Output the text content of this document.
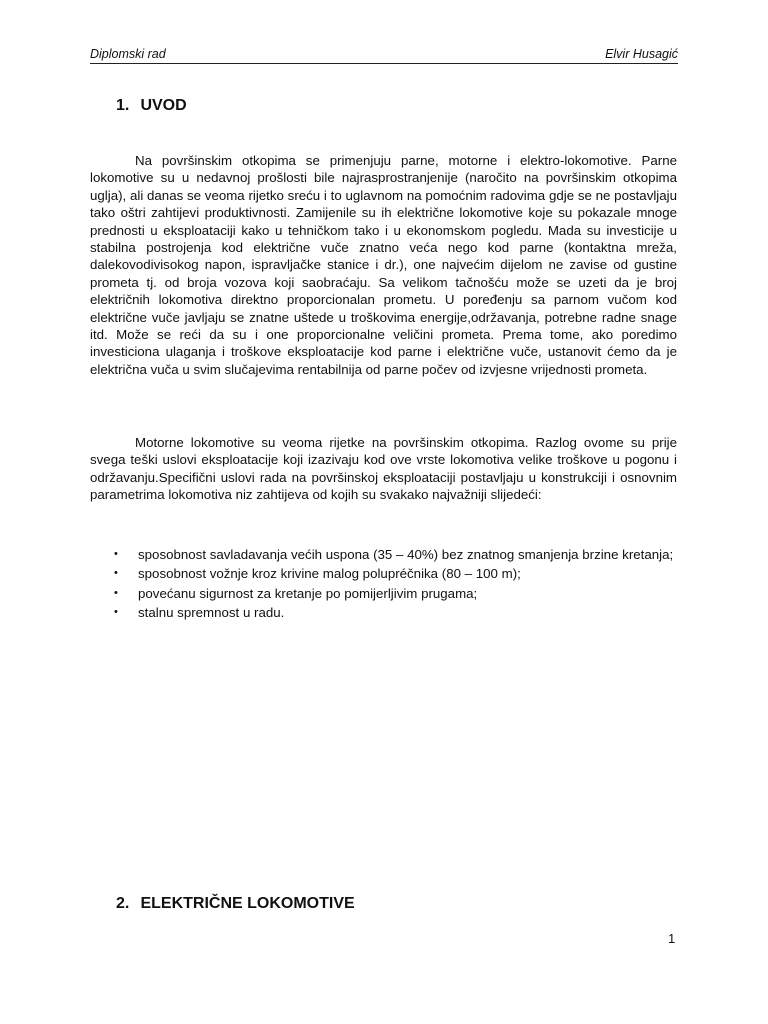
Diplomski rad	Elvir Husagić
1. UVOD

Na površinskim otkopima se primenjuju parne, motorne i elektro-lokomotive. Parne lokomotive su u nedavnoj prošlosti bile najrasprostranjenije (naročito na površinskim otkopima uglja), ali danas se veoma rijetko sreću i to uglavnom na pomoćnim radovima gdje se ne postavljaju tako oštri zahtijevi produktivnosti. Zamijenile su ih električne lokomotive koje su pokazale mnoge prednosti u eksploataciji kako u tehničkom tako i u ekonomskom pogledu. Mada su investicije u stabilna postrojenja kod električne vuče znatno veća nego kod parne (kontaktna mreža, dalekovodivisokog napon, ispravljačke stanice i dr.), one najvećim dijelom ne zavise od gustine prometa tj. od broja vozova koji saobraćaju. Sa velikom tačnošću može se uzeti da je broj električnih lokomotiva direktno proporcionalan prometu. U poređenju sa parnom vučom kod električne vuče javljaju se znatne uštede u troškovima energije,održavanja, potrebne radne snage itd. Može se reći da su i one proporcionalne veličini prometa. Prema tome, ako poredimo investiciona ulaganja i troškove eksploatacije kod parne i električne vuče, ustanovit ćemo da je električna vuča u svim slučajevima rentabilnija od parne počev od izvjesne vrijednosti prometa.

Motorne lokomotive su veoma rijetke na površinskim otkopima. Razlog ovome su prije svega teški uslovi eksploatacije koji izazivaju kod ove vrste lokomotiva velike troškove u pogonu i održavanju.Specifični uslovi rada na površinskoj eksploataciji postavljaju u konstrukciji i osnovnim parametrima lokomotiva niz zahtijeva od kojih su svakako najvažniji slijedeći:

•	sposobnost savladavanja većih uspona (35 – 40%) bez znatnog smanjenja brzine kretanja;
•	sposobnost vožnje kroz krivine malog polupréčnika (80 – 100 m);
•	povećanu sigurnost za kretanje po pomijerljivim prugama;
•	stalnu spremnost u radu.
2. ELEKTRIČNE LOKOMOTIVE
1
